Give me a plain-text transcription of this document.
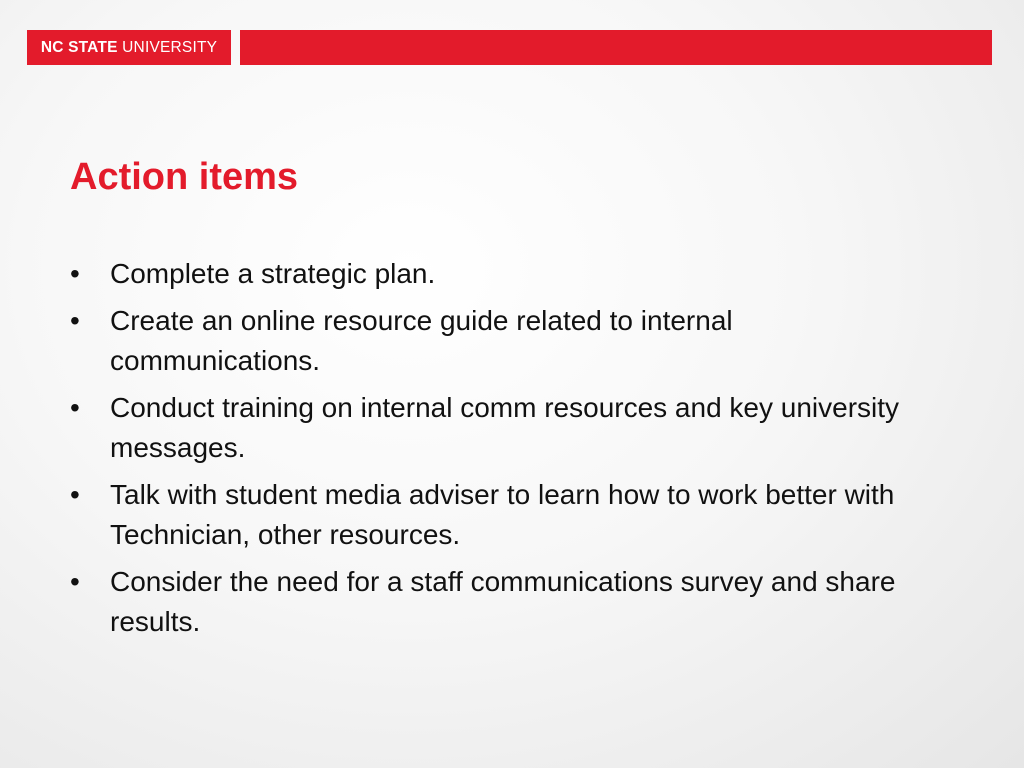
NC STATE
UNIVERSITY
Action items
•	Complete a strategic plan.
•	Create an online resource guide related to internal communications.
•	Conduct training on internal comm resources and key university messages.
•	Talk with student media adviser to learn how to work better with Technician, other resources.
•	Consider the need for a staff communications survey and share results.
